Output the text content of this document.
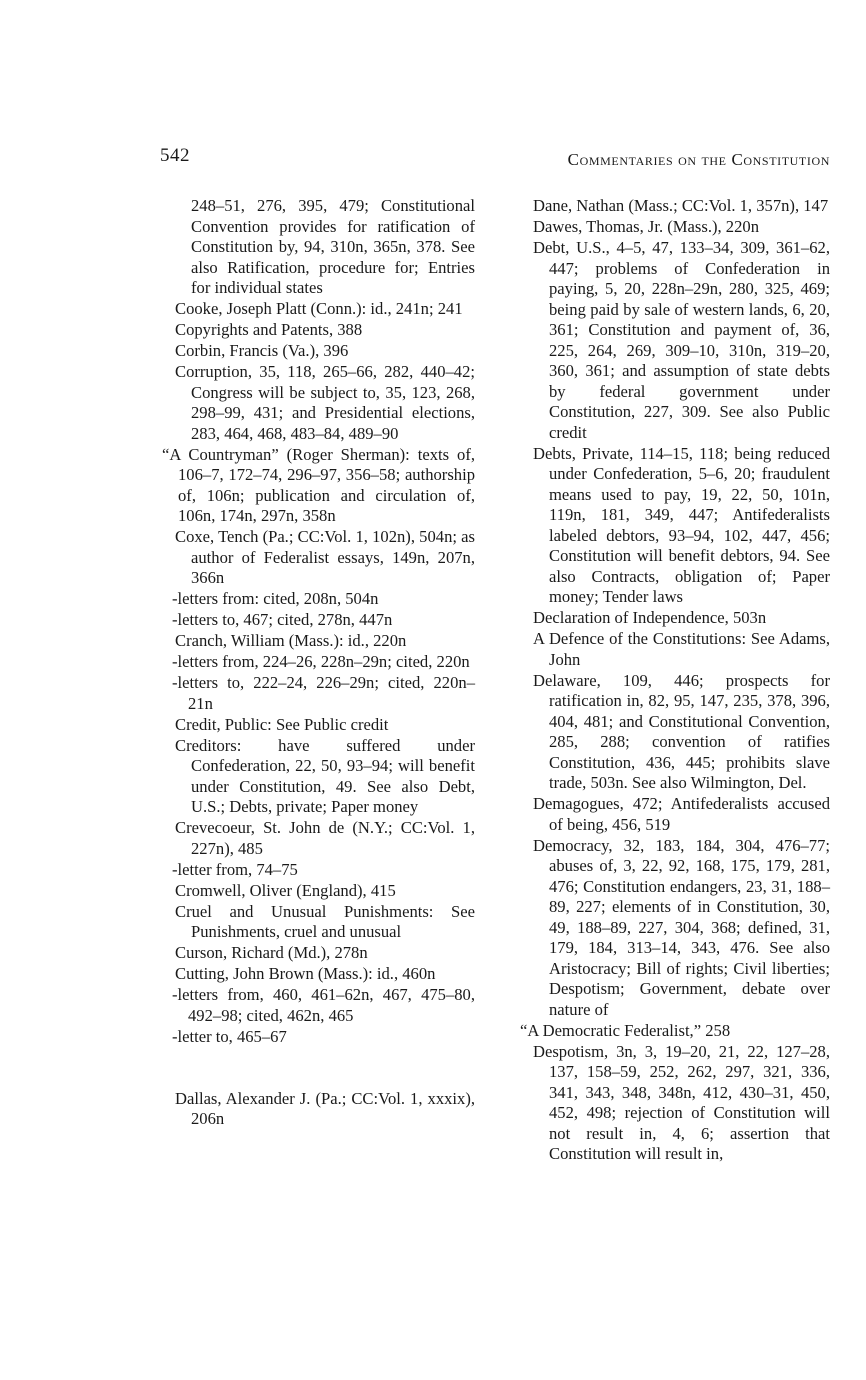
542	Commentaries on the Constitution

248–51, 276, 395, 479; Constitutional Convention provides for ratification of Constitution by, 94, 310n, 365n, 378. See also Ratification, procedure for; Entries for individual states

Cooke, Joseph Platt (Conn.): id., 241n; 241

Copyrights and Patents, 388

Corbin, Francis (Va.), 396

Corruption, 35, 118, 265–66, 282, 440–42; Congress will be subject to, 35, 123, 268, 298–99, 431; and Presidential elections, 283, 464, 468, 483–84, 489–90

“A Countryman” (Roger Sherman): texts of, 106–7, 172–74, 296–97, 356–58; authorship of, 106n; publication and circulation of, 106n, 174n, 297n, 358n

Coxe, Tench (Pa.; CC:Vol. 1, 102n), 504n; as author of Federalist essays, 149n, 207n, 366n

-letters from: cited, 208n, 504n

-letters to, 467; cited, 278n, 447n

Cranch, William (Mass.): id., 220n

-letters from, 224–26, 228n–29n; cited, 220n

-letters to, 222–24, 226–29n; cited, 220n–21n

Credit, Public: See Public credit

Creditors: have suffered under Confederation, 22, 50, 93–94; will benefit under Constitution, 49. See also Debt, U.S.; Debts, private; Paper money

Crevecoeur, St. John de (N.Y.; CC:Vol. 1, 227n), 485

-letter from, 74–75

Cromwell, Oliver (England), 415

Cruel and Unusual Punishments: See Punishments, cruel and unusual

Curson, Richard (Md.), 278n

Cutting, John Brown (Mass.): id., 460n

-letters from, 460, 461–62n, 467, 475–80, 492–98; cited, 462n, 465

-letter to, 465–67

Dallas, Alexander J. (Pa.; CC:Vol. 1, xxxix), 206n

Dane, Nathan (Mass.; CC:Vol. 1, 357n), 147

Dawes, Thomas, Jr. (Mass.), 220n

Debt, U.S., 4–5, 47, 133–34, 309, 361–62, 447; problems of Confederation in paying, 5, 20, 228n–29n, 280, 325, 469; being paid by sale of western lands, 6, 20, 361; Constitution and payment of, 36, 225, 264, 269, 309–10, 310n, 319–20, 360, 361; and assumption of state debts by federal government under Constitution, 227, 309. See also Public credit

Debts, Private, 114–15, 118; being reduced under Confederation, 5–6, 20; fraudulent means used to pay, 19, 22, 50, 101n, 119n, 181, 349, 447; Antifederalists labeled debtors, 93–94, 102, 447, 456; Constitution will benefit debtors, 94. See also Contracts, obligation of; Paper money; Tender laws

Declaration of Independence, 503n

A Defence of the Constitutions: See Adams, John

Delaware, 109, 446; prospects for ratification in, 82, 95, 147, 235, 378, 396, 404, 481; and Constitutional Convention, 285, 288; convention of ratifies Constitution, 436, 445; prohibits slave trade, 503n. See also Wilmington, Del.

Demagogues, 472; Antifederalists accused of being, 456, 519

Democracy, 32, 183, 184, 304, 476–77; abuses of, 3, 22, 92, 168, 175, 179, 281, 476; Constitution endangers, 23, 31, 188–89, 227; elements of in Constitution, 30, 49, 188–89, 227, 304, 368; defined, 31, 179, 184, 313–14, 343, 476. See also Aristocracy; Bill of rights; Civil liberties; Despotism; Government, debate over nature of

“A Democratic Federalist,” 258

Despotism, 3n, 3, 19–20, 21, 22, 127–28, 137, 158–59, 252, 262, 297, 321, 336, 341, 343, 348, 348n, 412, 430–31, 450, 452, 498; rejection of Constitution will not result in, 4, 6; assertion that Constitution will result in,
